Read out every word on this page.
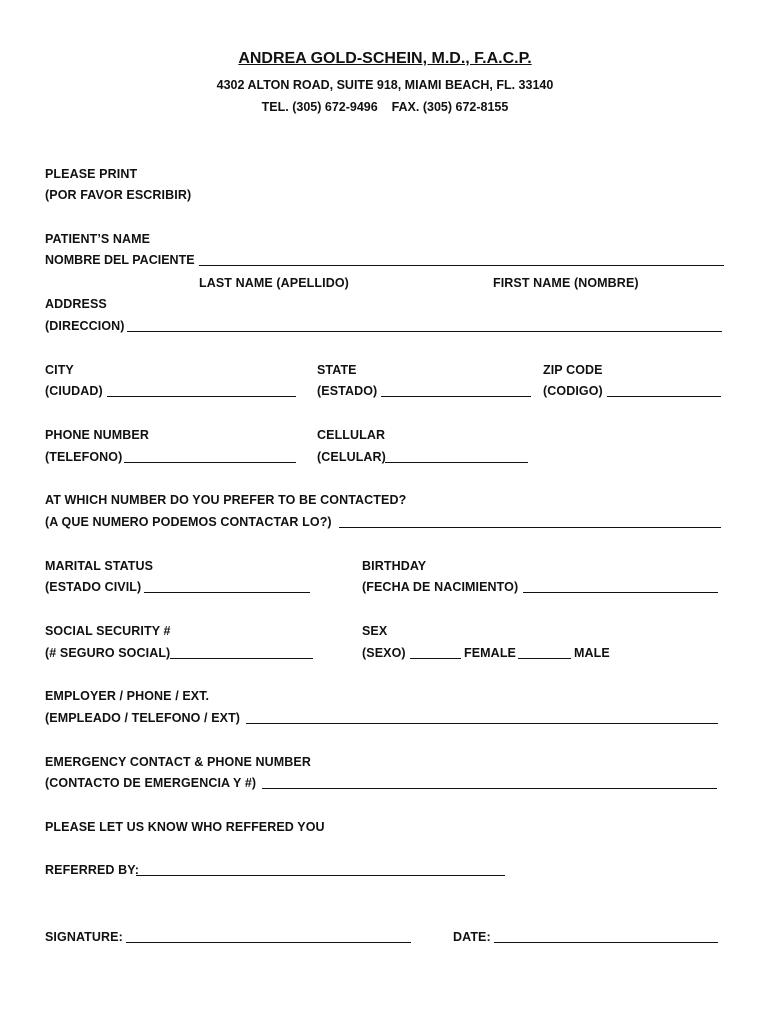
ANDREA GOLD-SCHEIN, M.D., F.A.C.P.
4302 ALTON ROAD, SUITE 918, MIAMI BEACH, FL. 33140
TEL. (305) 672-9496    FAX. (305) 672-8155
PLEASE PRINT
(POR FAVOR ESCRIBIR)
PATIENT’S NAME
NOMBRE DEL PACIENTE
LAST NAME (APELLIDO)	FIRST NAME (NOMBRE)
ADDRESS
(DIRECCION)
CITY
(CIUDAD)
STATE
(ESTADO)
ZIP CODE
(CODIGO)
PHONE NUMBER
(TELEFONO)
CELLULAR
(CELULAR)
AT WHICH NUMBER DO YOU PREFER TO BE CONTACTED?
(A QUE NUMERO PODEMOS CONTACTAR LO?)
MARITAL STATUS
(ESTADO CIVIL)
BIRTHDAY
(FECHA DE NACIMIENTO)
SOCIAL SECURITY #
(# SEGURO SOCIAL)
SEX
(SEXO)	FEMALE	MALE
EMPLOYER / PHONE / EXT.
(EMPLEADO / TELEFONO / EXT)
EMERGENCY CONTACT & PHONE NUMBER
(CONTACTO DE EMERGENCIA Y #)
PLEASE LET US KNOW WHO REFFERED YOU
REFERRED BY:
SIGNATURE:	DATE:
